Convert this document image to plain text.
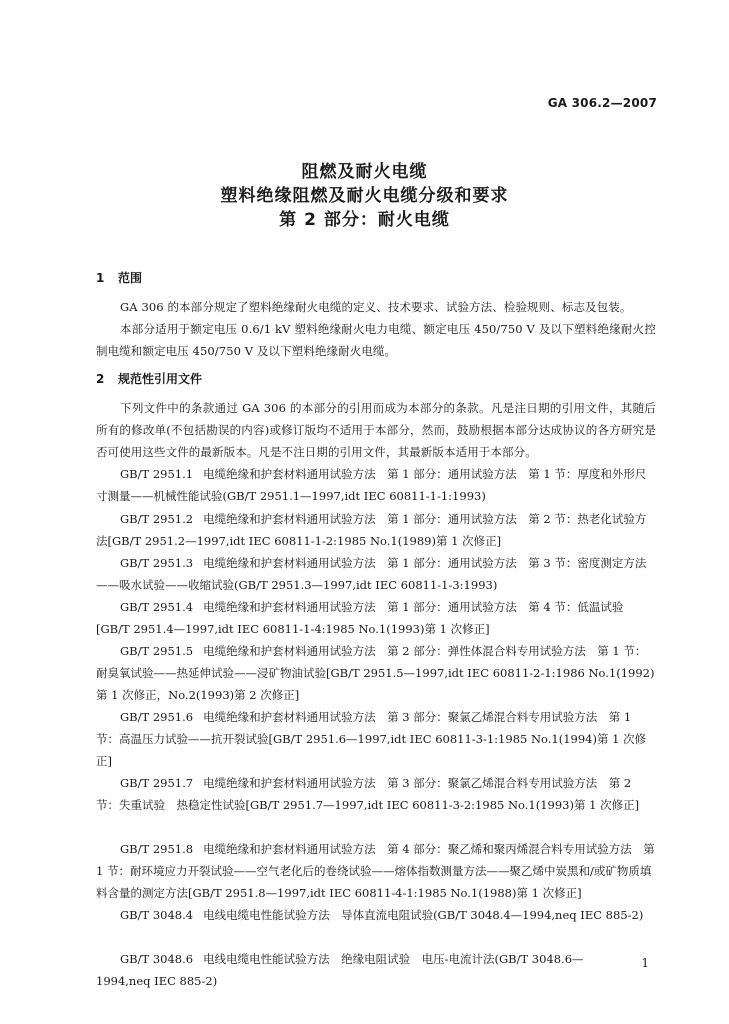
GA 306.2—2007
阻燃及耐火电缆
塑料绝缘阻燃及耐火电缆分级和要求
第 2 部分：耐火电缆
1 范围
GA 306 的本部分规定了塑料绝缘耐火电缆的定义、技术要求、试验方法、检验规则、标志及包装。
本部分适用于额定电压 0.6/1 kV 塑料绝缘耐火电力电缆、额定电压 450/750 V 及以下塑料绝缘耐火控制电缆和额定电压 450/750 V 及以下塑料绝缘耐火电缆。
2 规范性引用文件
下列文件中的条款通过 GA 306 的本部分的引用而成为本部分的条款。凡是注日期的引用文件，其随后所有的修改单(不包括勘误的内容)或修订版均不适用于本部分，然而，鼓励根据本部分达成协议的各方研究是否可使用这些文件的最新版本。凡是不注日期的引用文件，其最新版本适用于本部分。
GB/T 2951.1 电缆绝缘和护套材料通用试验方法　第 1 部分：通用试验方法　第 1 节：厚度和外形尺寸测量——机械性能试验(GB/T 2951.1—1997,idt IEC 60811-1-1:1993)
GB/T 2951.2 电缆绝缘和护套材料通用试验方法　第 1 部分：通用试验方法　第 2 节：热老化试验方法[GB/T 2951.2—1997,idt IEC 60811-1-2:1985 No.1(1989)第 1 次修正]
GB/T 2951.3 电缆绝缘和护套材料通用试验方法　第 1 部分：通用试验方法　第 3 节：密度测定方法——吸水试验——收缩试验(GB/T 2951.3—1997,idt IEC 60811-1-3:1993)
GB/T 2951.4 电缆绝缘和护套材料通用试验方法　第 1 部分：通用试验方法　第 4 节：低温试验[GB/T 2951.4—1997,idt IEC 60811-1-4:1985 No.1(1993)第 1 次修正]
GB/T 2951.5 电缆绝缘和护套材料通用试验方法　第 2 部分：弹性体混合料专用试验方法　第 1 节：耐臭氧试验——热延伸试验——浸矿物油试验[GB/T 2951.5—1997,idt IEC 60811-2-1:1986 No.1(1992)第 1 次修正，No.2(1993)第 2 次修正]
GB/T 2951.6 电缆绝缘和护套材料通用试验方法　第 3 部分：聚氯乙烯混合料专用试验方法　第 1 节：高温压力试验——抗开裂试验[GB/T 2951.6—1997,idt IEC 60811-3-1:1985 No.1(1994)第 1 次修正]
GB/T 2951.7 电缆绝缘和护套材料通用试验方法　第 3 部分：聚氯乙烯混合料专用试验方法　第 2 节：失重试验　热稳定性试验[GB/T 2951.7—1997,idt IEC 60811-3-2:1985 No.1(1993)第 1 次修正]
GB/T 2951.8 电缆绝缘和护套材料通用试验方法　第 4 部分：聚乙烯和聚丙烯混合料专用试验方法　第 1 节：耐环境应力开裂试验——空气老化后的卷绕试验——熔体指数测量方法——聚乙烯中炭黑和/或矿物质填料含量的测定方法[GB/T 2951.8—1997,idt IEC 60811-4-1:1985 No.1(1988)第 1 次修正]
GB/T 3048.4 电线电缆电性能试验方法　导体直流电阻试验(GB/T 3048.4—1994,neq IEC 885-2)
GB/T 3048.6 电线电缆电性能试验方法　绝缘电阻试验　电压-电流计法(GB/T 3048.6—1994,neq IEC 885-2)
1
